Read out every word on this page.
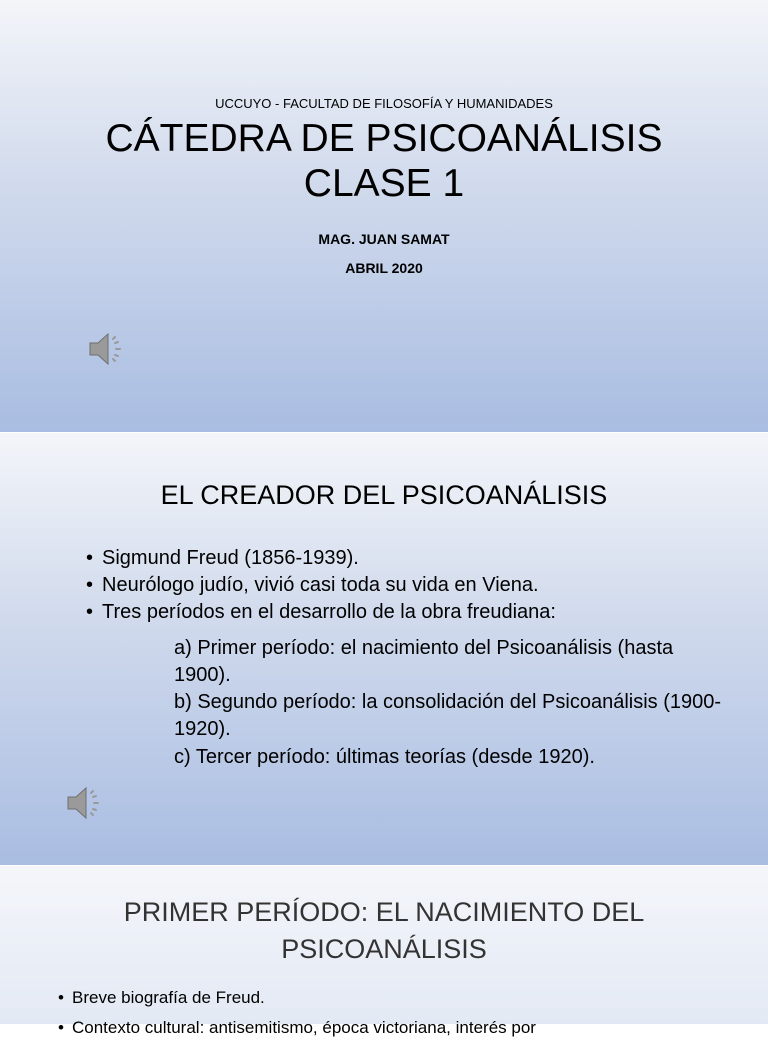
UCCUYO - FACULTAD DE FILOSOFÍA Y HUMANIDADES
CÁTEDRA DE PSICOANÁLISIS
CLASE 1
MAG. JUAN SAMAT
ABRIL 2020
EL CREADOR DEL PSICOANÁLISIS
• Sigmund Freud (1856-1939).
• Neurólogo judío, vivió casi toda su vida en Viena.
• Tres períodos en el desarrollo de la obra freudiana:

a) Primer período: el nacimiento del Psicoanálisis (hasta 1900).

b) Segundo período: la consolidación del Psicoanálisis (1900-1920).

c) Tercer período: últimas teorías (desde 1920).

PRIMER PERÍODO: EL NACIMIENTO DEL
PSICOANÁLISIS
• Breve biografía de Freud.
• Contexto cultural: antisemitismo, época victoriana, interés por
